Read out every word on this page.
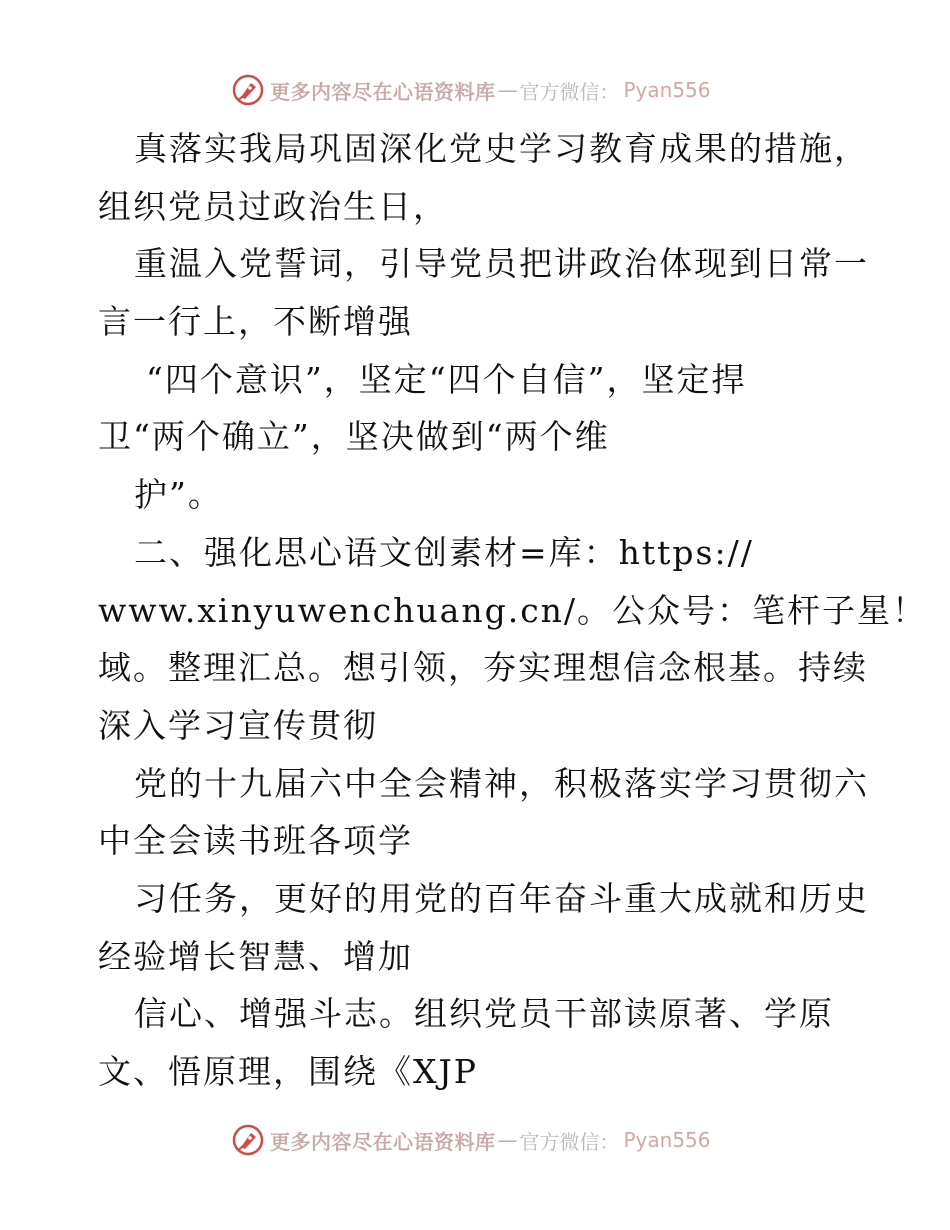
更多内容尽在心语资料库 — 官方微信： Pyan556
真落实我局巩固深化党史学习教育成果的措施，
组织党员过政治生日，
重温入党誓词，引导党员把讲政治体现到日常一
言一行上，不断增强
“四个意识”，坚定“四个自信”，坚定捍
卫“两个确立”，坚决做到“两个维
护”。
二、强化思心语文创素材=库：https://
www.xinyuwenchuang.cn/。公众号：笔杆子星！
域。整理汇总。想引领，夯实理想信念根基。持续
深入学习宣传贯彻
党的十九届六中全会精神，积极落实学习贯彻六
中全会读书班各项学
习任务，更好的用党的百年奋斗重大成就和历史
经验增长智慧、增加
信心、增强斗志。组织党员干部读原著、学原
文、悟原理，围绕《XJP
更多内容尽在心语资料库 — 官方微信： Pyan556
